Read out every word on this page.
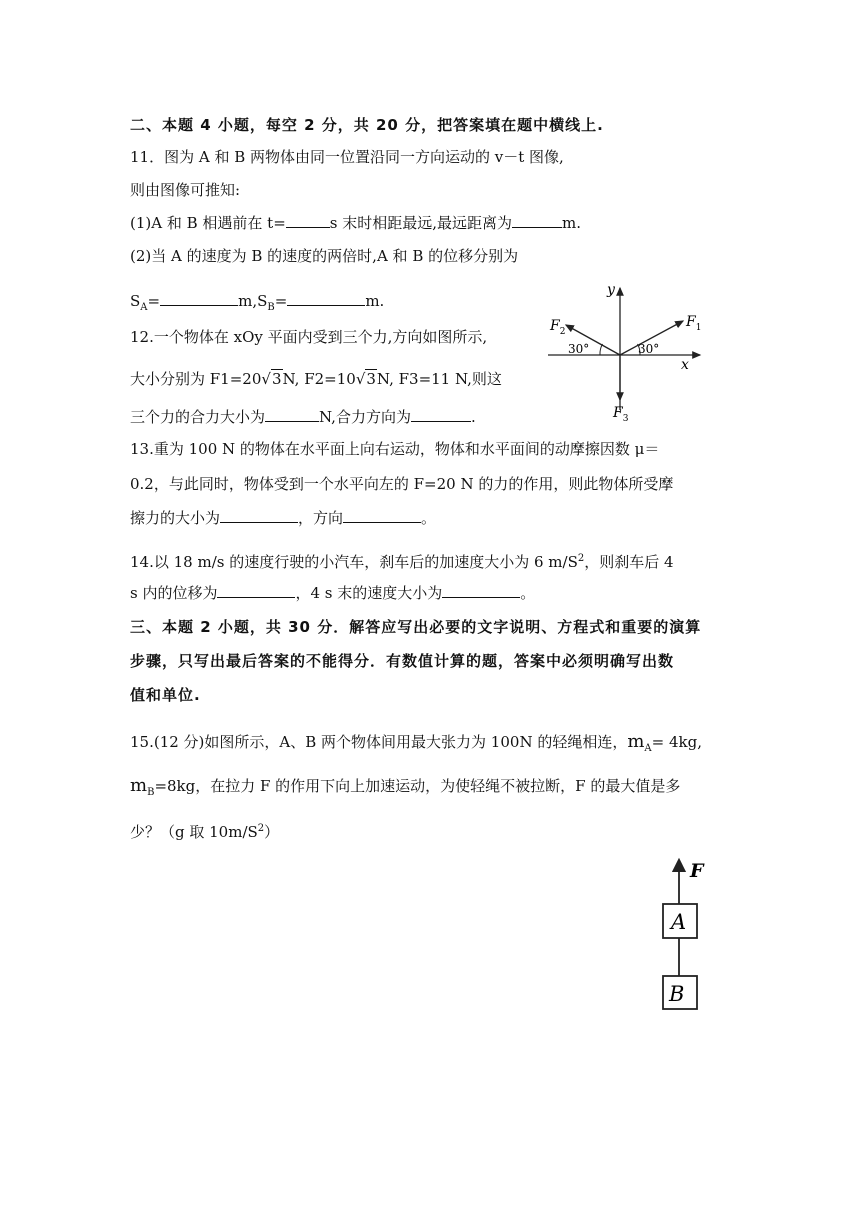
二、本题 4 小题，每空 2 分，共 20 分，把答案填在题中横线上.
11．图为 A 和 B 两物体由同一位置沿同一方向运动的 v－t 图像,
则由图像可推知:
(1)A 和 B 相遇前在 t=	s 末时相距最远,最远距离为	m.
(2)当 A 的速度为 B 的速度的两倍时,A 和 B 的位移分别为
$S_A=$	$m,S_B=$	m.
12.一个物体在 xOy 平面内受到三个力,方向如图所示,
大小分别为 F1=20√3N, F2=10√3N, F3=11 N,则这
三个力的合力大小为	N,合力方向为	.
y
x
$F_1$
$F_2$
$F_3$
30°	30°
13.重为 100 N 的物体在水平面上向右运动，物体和水平面间的动摩擦因数 μ＝
0.2，与此同时，物体受到一个水平向左的 F=20 N 的力的作用，则此物体所受摩
擦力的大小为	，方向	。
14.以 18 m/s 的速度行驶的小汽车，刹车后的加速度大小为 6 $m/S^2$，则刹车后 4
s 内的位移为	，4 s 末的速度大小为	。
三、本题 2 小题，共 30 分．解答应写出必要的文字说明、方程式和重要的演算
步骤，只写出最后答案的不能得分．有数值计算的题，答案中必须明确写出数
值和单位.
15.(12 分)如图所示，A、B 两个物体间用最大张力为 100N 的轻绳相连，$m_A= 4kg$,
$m_B=8kg$，在拉力 F 的作用下向上加速运动，为使轻绳不被拉断，F 的最大值是多
少？（g 取 $10m/S^2$）
F
A
B
